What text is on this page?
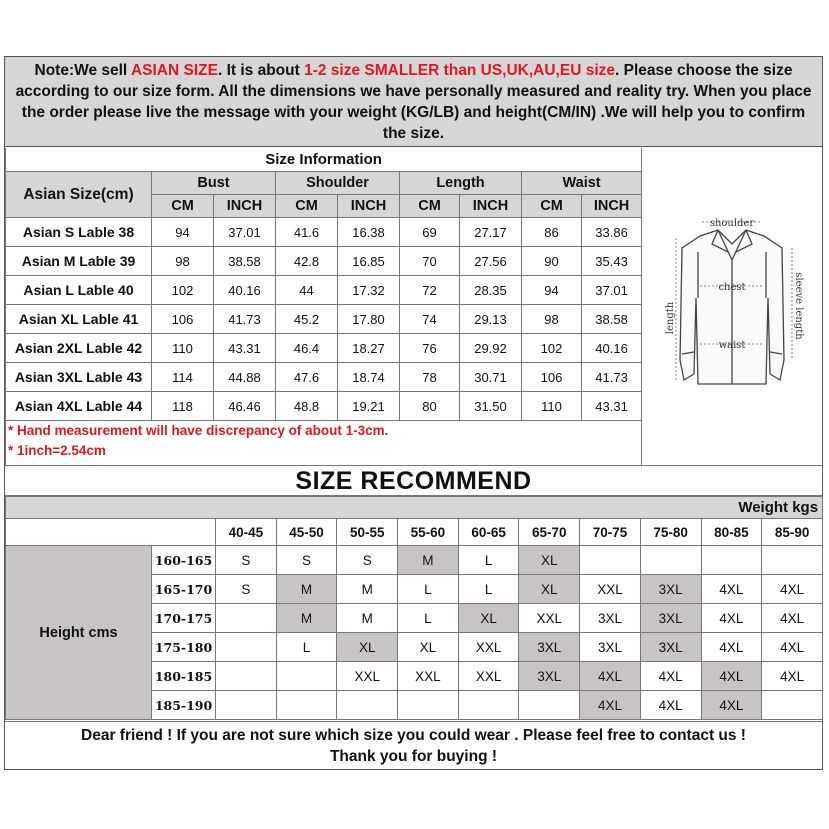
Note:We sell ASIAN SIZE. It is about 1-2 size SMALLER than US,UK,AU,EU size. Please choose the size according to our size form. All the dimensions we have personally measured and reality try. When you place the order please live the message with your weight (KG/LB) and height(CM/IN) .We will help you to confirm the size.
Size Information								
Asian Size(cm)	Bust		Shoulder		Length		Waist	
	CM	INCH	CM	INCH	CM	INCH	CM	INCH
Asian S Lable 38	94	37.01	41.6	16.38	69	27.17	86	33.86
Asian M Lable 39	98	38.58	42.8	16.85	70	27.56	90	35.43
Asian L Lable 40	102	40.16	44	17.32	72	28.35	94	37.01
Asian XL Lable 41	106	41.73	45.2	17.80	74	29.13	98	38.58
Asian 2XL Lable 42	110	43.31	46.4	18.27	76	29.92	102	40.16
Asian 3XL Lable 43	114	44.88	47.6	18.74	78	30.71	106	41.73
Asian 4XL Lable 44	118	46.46	48.8	19.21	80	31.50	110	43.31

* Hand measurement will have discrepancy of about 1-3cm.
* 1inch=2.54cm								
shoulder
chest
waist
length	sleeve length
SIZE RECOMMEND
Weight kgs											
		40-45	45-50	50-55	55-60	60-65	65-70	70-75	75-80	80-85	85-90
Height cms	160-165	S	S	S	M	L	XL				
	165-170	S	M	M	L	L	XL	XXL	3XL	4XL	4XL
	170-175		M	M	L	XL	XXL	3XL	3XL	4XL	4XL
	175-180		L	XL	XL	XXL	3XL	3XL	3XL	4XL	4XL
	180-185			XXL	XXL	XXL	3XL	4XL	4XL	4XL	4XL
	185-190							4XL	4XL	4XL	
Dear friend ! If you are not sure which size you could wear . Please feel free to contact us !
Thank you for buying !
